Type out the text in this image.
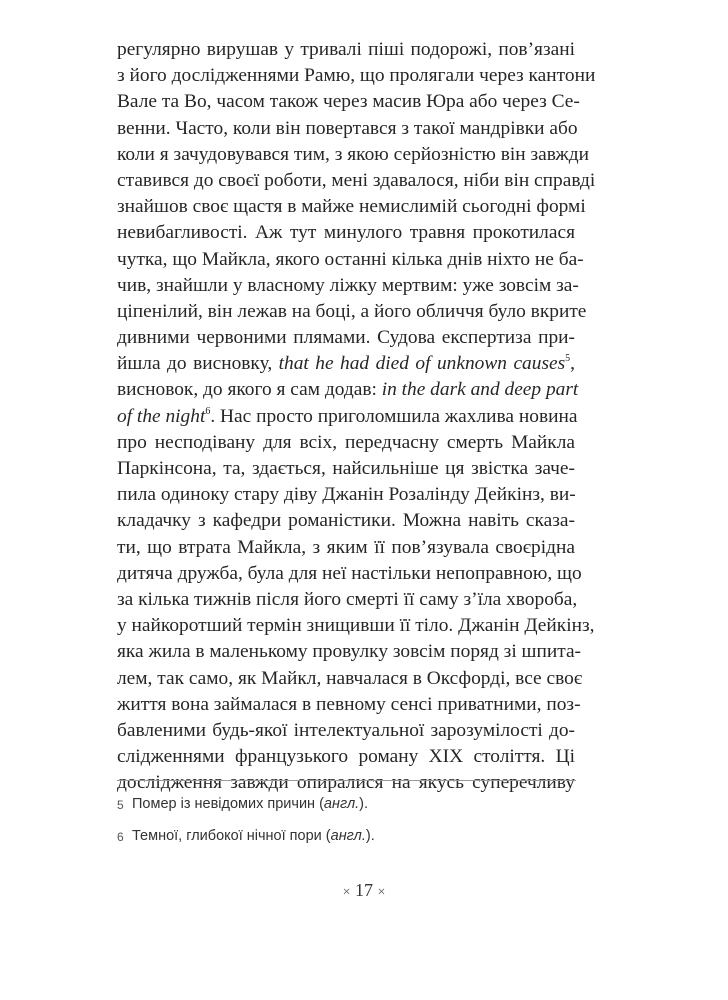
регулярно вирушав у тривалі піші подорожі, пов’язані
з його дослідженнями Рамю, що пролягали через кантони
Вале та Во, часом також через масив Юра або через Се-
венни. Часто, коли він повертався з такої мандрівки або
коли я зачудовувався тим, з якою серйозністю він завжди
ставився до своєї роботи, мені здавалося, ніби він справді
знайшов своє щастя в майже немислимій сьогодні формі
невибагливості. Аж тут минулого травня прокотилася
чутка, що Майкла, якого останні кілька днів ніхто не ба-
чив, знайшли у власному ліжку мертвим: уже зовсім за-
ціпенілий, він лежав на боці, а його обличчя було вкрите
дивними червоними плямами. Судова експертиза при-
йшла до висновку, that he had died of unknown causes$^5$,
висновок, до якого я сам додав: in the dark and deep part
of the night$^6$. Нас просто приголомшила жахлива новина
про несподівану для всіх, передчасну смерть Майкла
Паркінсона, та, здається, найсильніше ця звістка заче-
пила одиноку стару діву Джанін Розалінду Дейкінз, ви-
кладачку з кафедри романістики. Можна навіть сказа-
ти, що втрата Майкла, з яким її пов’язувала своєрідна
дитяча дружба, була для неї настільки непоправною, що
за кілька тижнів після його смерті її саму з’їла хвороба,
у найкоротший термін знищивши її тіло. Джанін Дейкінз,
яка жила в маленькому провулку зовсім поряд зі шпита-
лем, так само, як Майкл, навчалася в Оксфорді, все своє
життя вона займалася в певному сенсі приватними, поз-
бавленими будь-якої інтелектуальної зарозумілості до-
слідженнями французького роману XIX століття. Ці
дослідження завжди опиралися на якусь суперечливу
5 Помер із невідомих причин (англ.).
6 Темної, глибокої нічної пори (англ.).
× 17 ×
